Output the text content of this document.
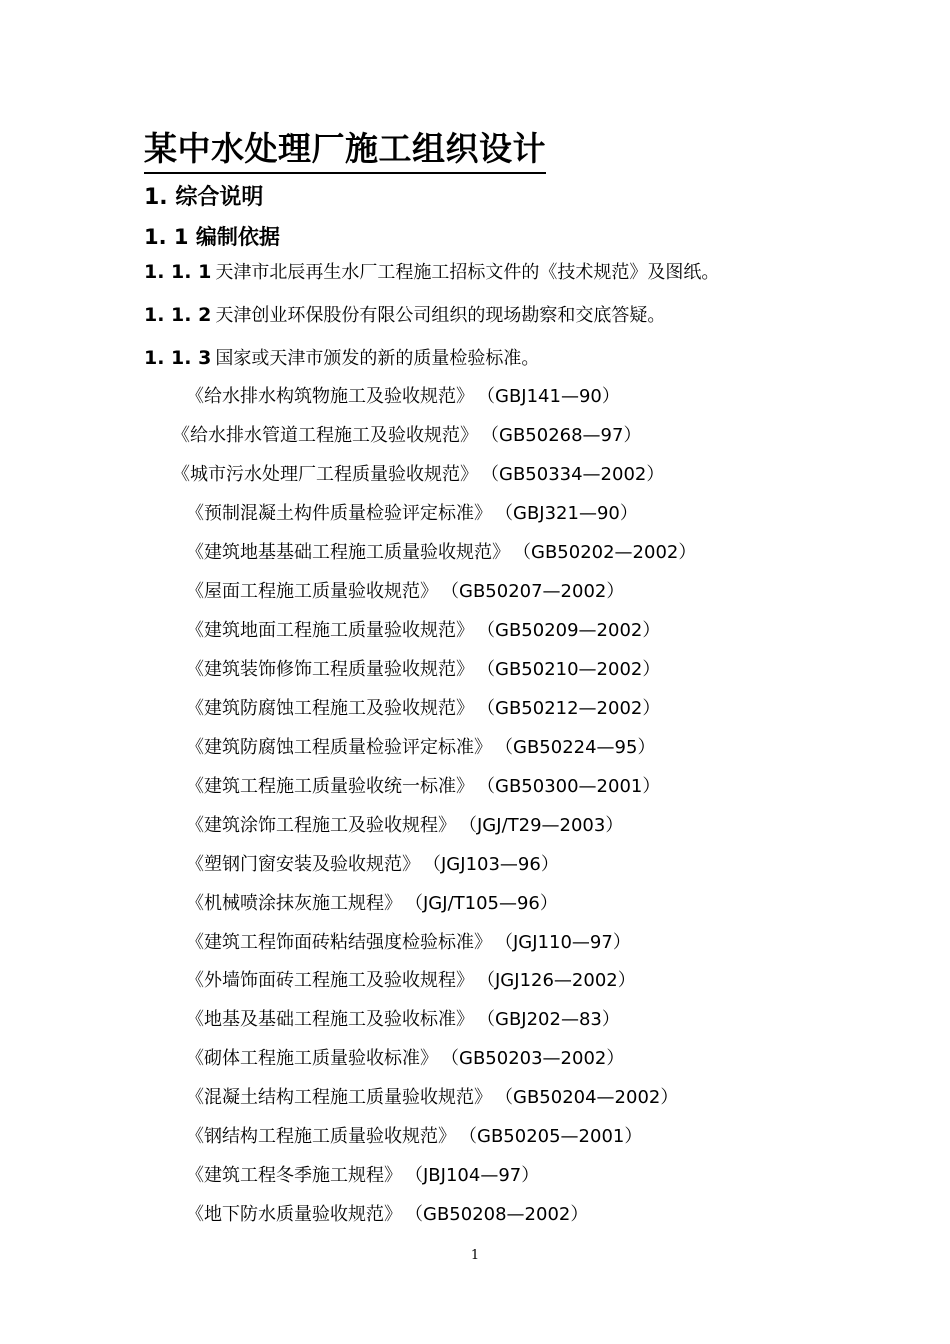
某中水处理厂施工组织设计
1. 综合说明
1. 1 编制依据

1. 1. 1 天津市北辰再生水厂工程施工招标文件的《技术规范》及图纸。

1. 1. 2 天津创业环保股份有限公司组织的现场勘察和交底答疑。

1. 1. 3 国家或天津市颁发的新的质量检验标准。

《给水排水构筑物施工及验收规范》 （GBJ141—90）

《给水排水管道工程施工及验收规范》 （GB50268—97）

《城市污水处理厂工程质量验收规范》 （GB50334—2002）

《预制混凝土构件质量检验评定标准》 （GBJ321—90）

《建筑地基基础工程施工质量验收规范》 （GB50202—2002）

《屋面工程施工质量验收规范》 （GB50207—2002）

《建筑地面工程施工质量验收规范》 （GB50209—2002）

《建筑装饰修饰工程质量验收规范》 （GB50210—2002）

《建筑防腐蚀工程施工及验收规范》 （GB50212—2002）

《建筑防腐蚀工程质量检验评定标准》 （GB50224—95）

《建筑工程施工质量验收统一标准》 （GB50300—2001）

《建筑涂饰工程施工及验收规程》 （JGJ/T29—2003）

《塑钢门窗安装及验收规范》 （JGJ103—96）

《机械喷涂抹灰施工规程》 （JGJ/T105—96）

《建筑工程饰面砖粘结强度检验标准》 （JGJ110—97）

《外墙饰面砖工程施工及验收规程》 （JGJ126—2002）

《地基及基础工程施工及验收标准》 （GBJ202—83）

《砌体工程施工质量验收标准》 （GB50203—2002）

《混凝土结构工程施工质量验收规范》 （GB50204—2002）

《钢结构工程施工质量验收规范》 （GB50205—2001）

《建筑工程冬季施工规程》 （JBJ104—97）

《地下防水质量验收规范》 （GB50208—2002）

1
